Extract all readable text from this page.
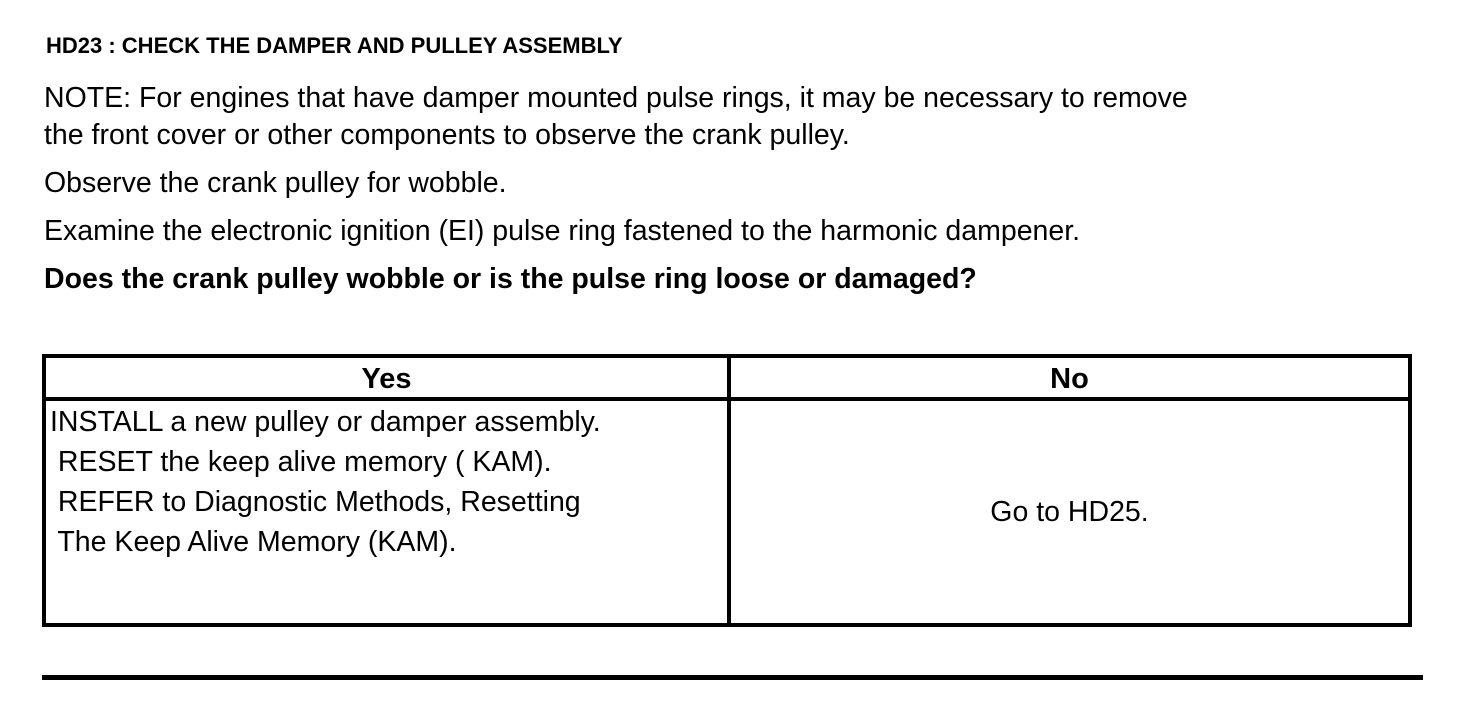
HD23 : CHECK THE DAMPER AND PULLEY ASSEMBLY
NOTE: For engines that have damper mounted pulse rings, it may be necessary to remove
the front cover or other components to observe the crank pulley.
Observe the crank pulley for wobble.
Examine the electronic ignition (EI) pulse ring fastened to the harmonic dampener.
Does the crank pulley wobble or is the pulse ring loose or damaged?
Yes	No
INSTALL a new pulley or damper assembly.
RESET the keep alive memory ( KAM).
REFER to Diagnostic Methods, Resetting
The Keep Alive Memory (KAM).
Go to HD25.
